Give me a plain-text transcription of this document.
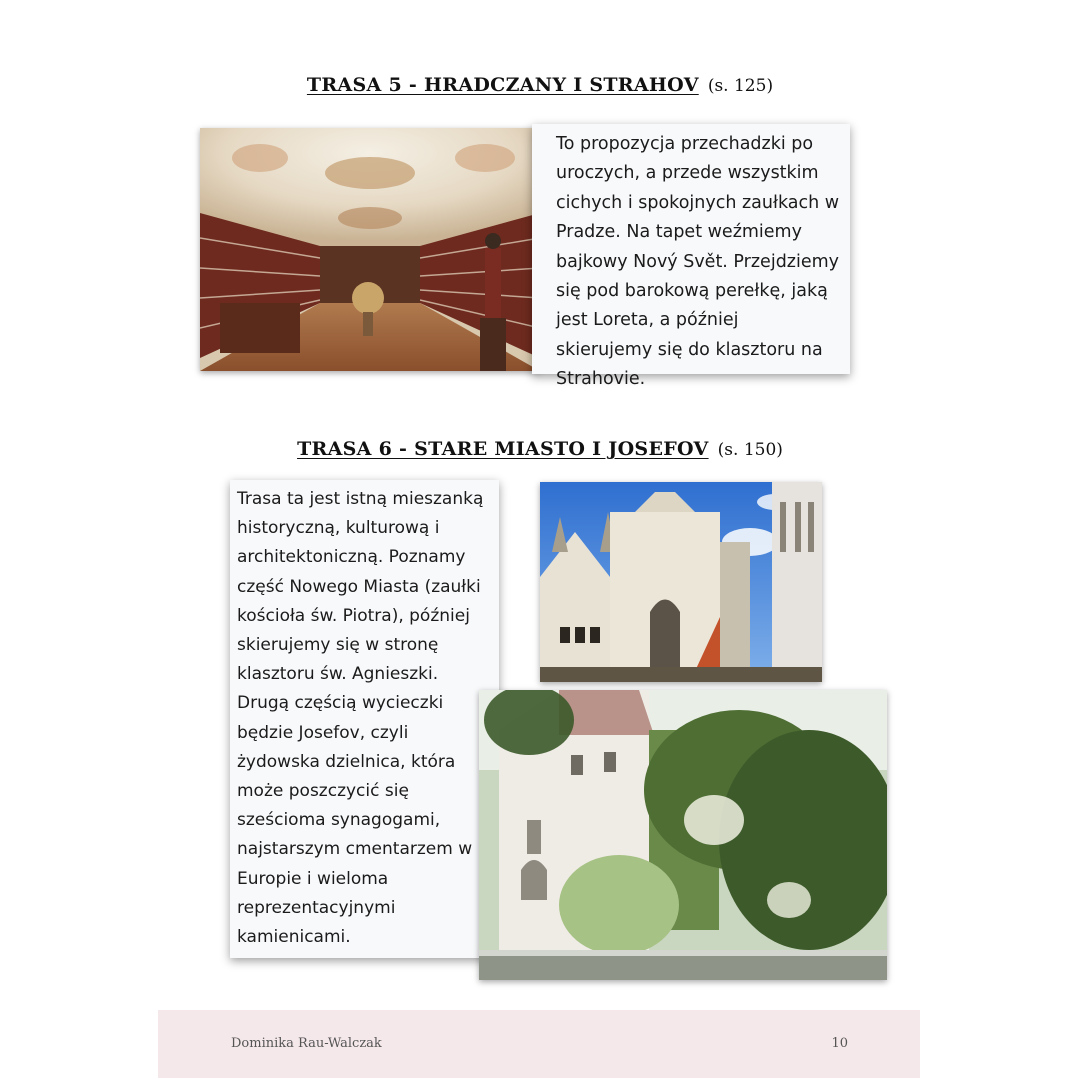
TRASA 5 - HRADCZANY I STRAHOV (s. 125)
To propozycja przechadzki po uroczych, a przede wszystkim cichych i spokojnych zaułkach w Pradze. Na tapet weźmiemy bajkowy Nový Svět. Przejdziemy się pod barokową perełkę, jaką jest Loreta, a później skierujemy się do klasztoru na Strahovie.
TRASA 6 - STARE MIASTO I JOSEFOV (s. 150)
Trasa ta jest istną mieszanką historyczną, kulturową i architektoniczną. Poznamy część Nowego Miasta (zaułki kościoła św. Piotra), później skierujemy się w stronę klasztoru św. Agnieszki. Drugą częścią wycieczki będzie Josefov, czyli żydowska dzielnica, która może poszczycić się sześcioma synagogami, najstarszym cmentarzem w Europie i wieloma reprezentacyjnymi kamienicami.
Dominika Rau-Walczak	10
